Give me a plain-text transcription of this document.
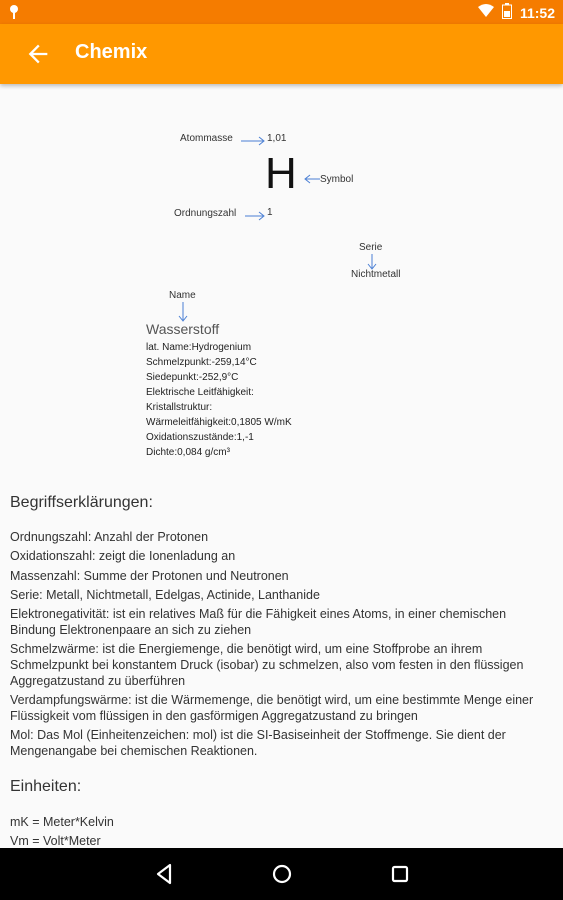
11:52
Chemix
Atommasse	1,01
H Symbol
Ordnungszahl	1
Serie
Nichtmetall
Name
Wasserstoff
lat. Name:Hydrogenium
Schmelzpunkt:-259,14°C
Siedepunkt:-252,9°C
Elektrische Leitfähigkeit:
Kristallstruktur:
Wärmeleitfähigkeit:0,1805 W/mK
Oxidationszustände:1,-1
Dichte:0,084 g/cm³
Begriffserklärungen:
Ordnungszahl: Anzahl der Protonen
Oxidationszahl: zeigt die Ionenladung an
Massenzahl: Summe der Protonen und Neutronen
Serie: Metall, Nichtmetall, Edelgas, Actinide, Lanthanide
Elektronegativität: ist ein relatives Maß für die Fähigkeit eines Atoms, in einer chemischen Bindung Elektronenpaare an sich zu ziehen
Schmelzwärme: ist die Energiemenge, die benötigt wird, um eine Stoffprobe an ihrem Schmelzpunkt bei konstantem Druck (isobar) zu schmelzen, also vom festen in den flüssigen Aggregatzustand zu überführen
Verdampfungswärme: ist die Wärmemenge, die benötigt wird, um eine bestimmte Menge einer Flüssigkeit vom flüssigen in den gasförmigen Aggregatzustand zu bringen
Mol: Das Mol (Einheitenzeichen: mol) ist die SI-Basiseinheit der Stoffmenge. Sie dient der Mengenangabe bei chemischen Reaktionen.
Einheiten:
mK = Meter*Kelvin
Vm = Volt*Meter
